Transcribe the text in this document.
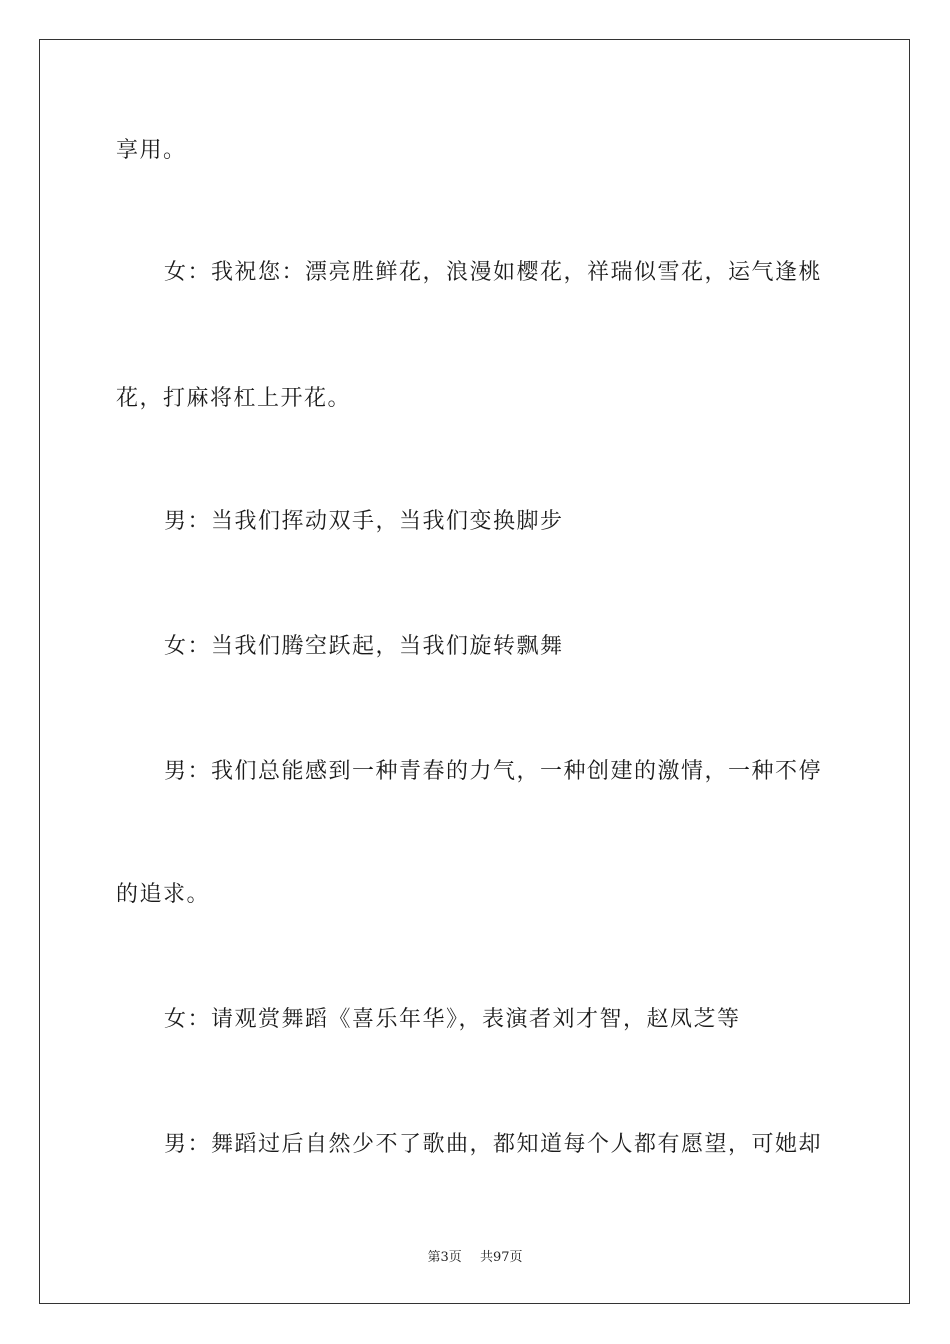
享用。
女：我祝您：漂亮胜鲜花，浪漫如樱花，祥瑞似雪花，运气逢桃
花，打麻将杠上开花。
男：当我们挥动双手，当我们变换脚步
女：当我们腾空跃起，当我们旋转飘舞
男：我们总能感到一种青春的力气，一种创建的激情，一种不停
的追求。
女：请观赏舞蹈《喜乐年华》，表演者刘才智，赵凤芝等
男：舞蹈过后自然少不了歌曲，都知道每个人都有愿望，可她却
第3页 共97页
